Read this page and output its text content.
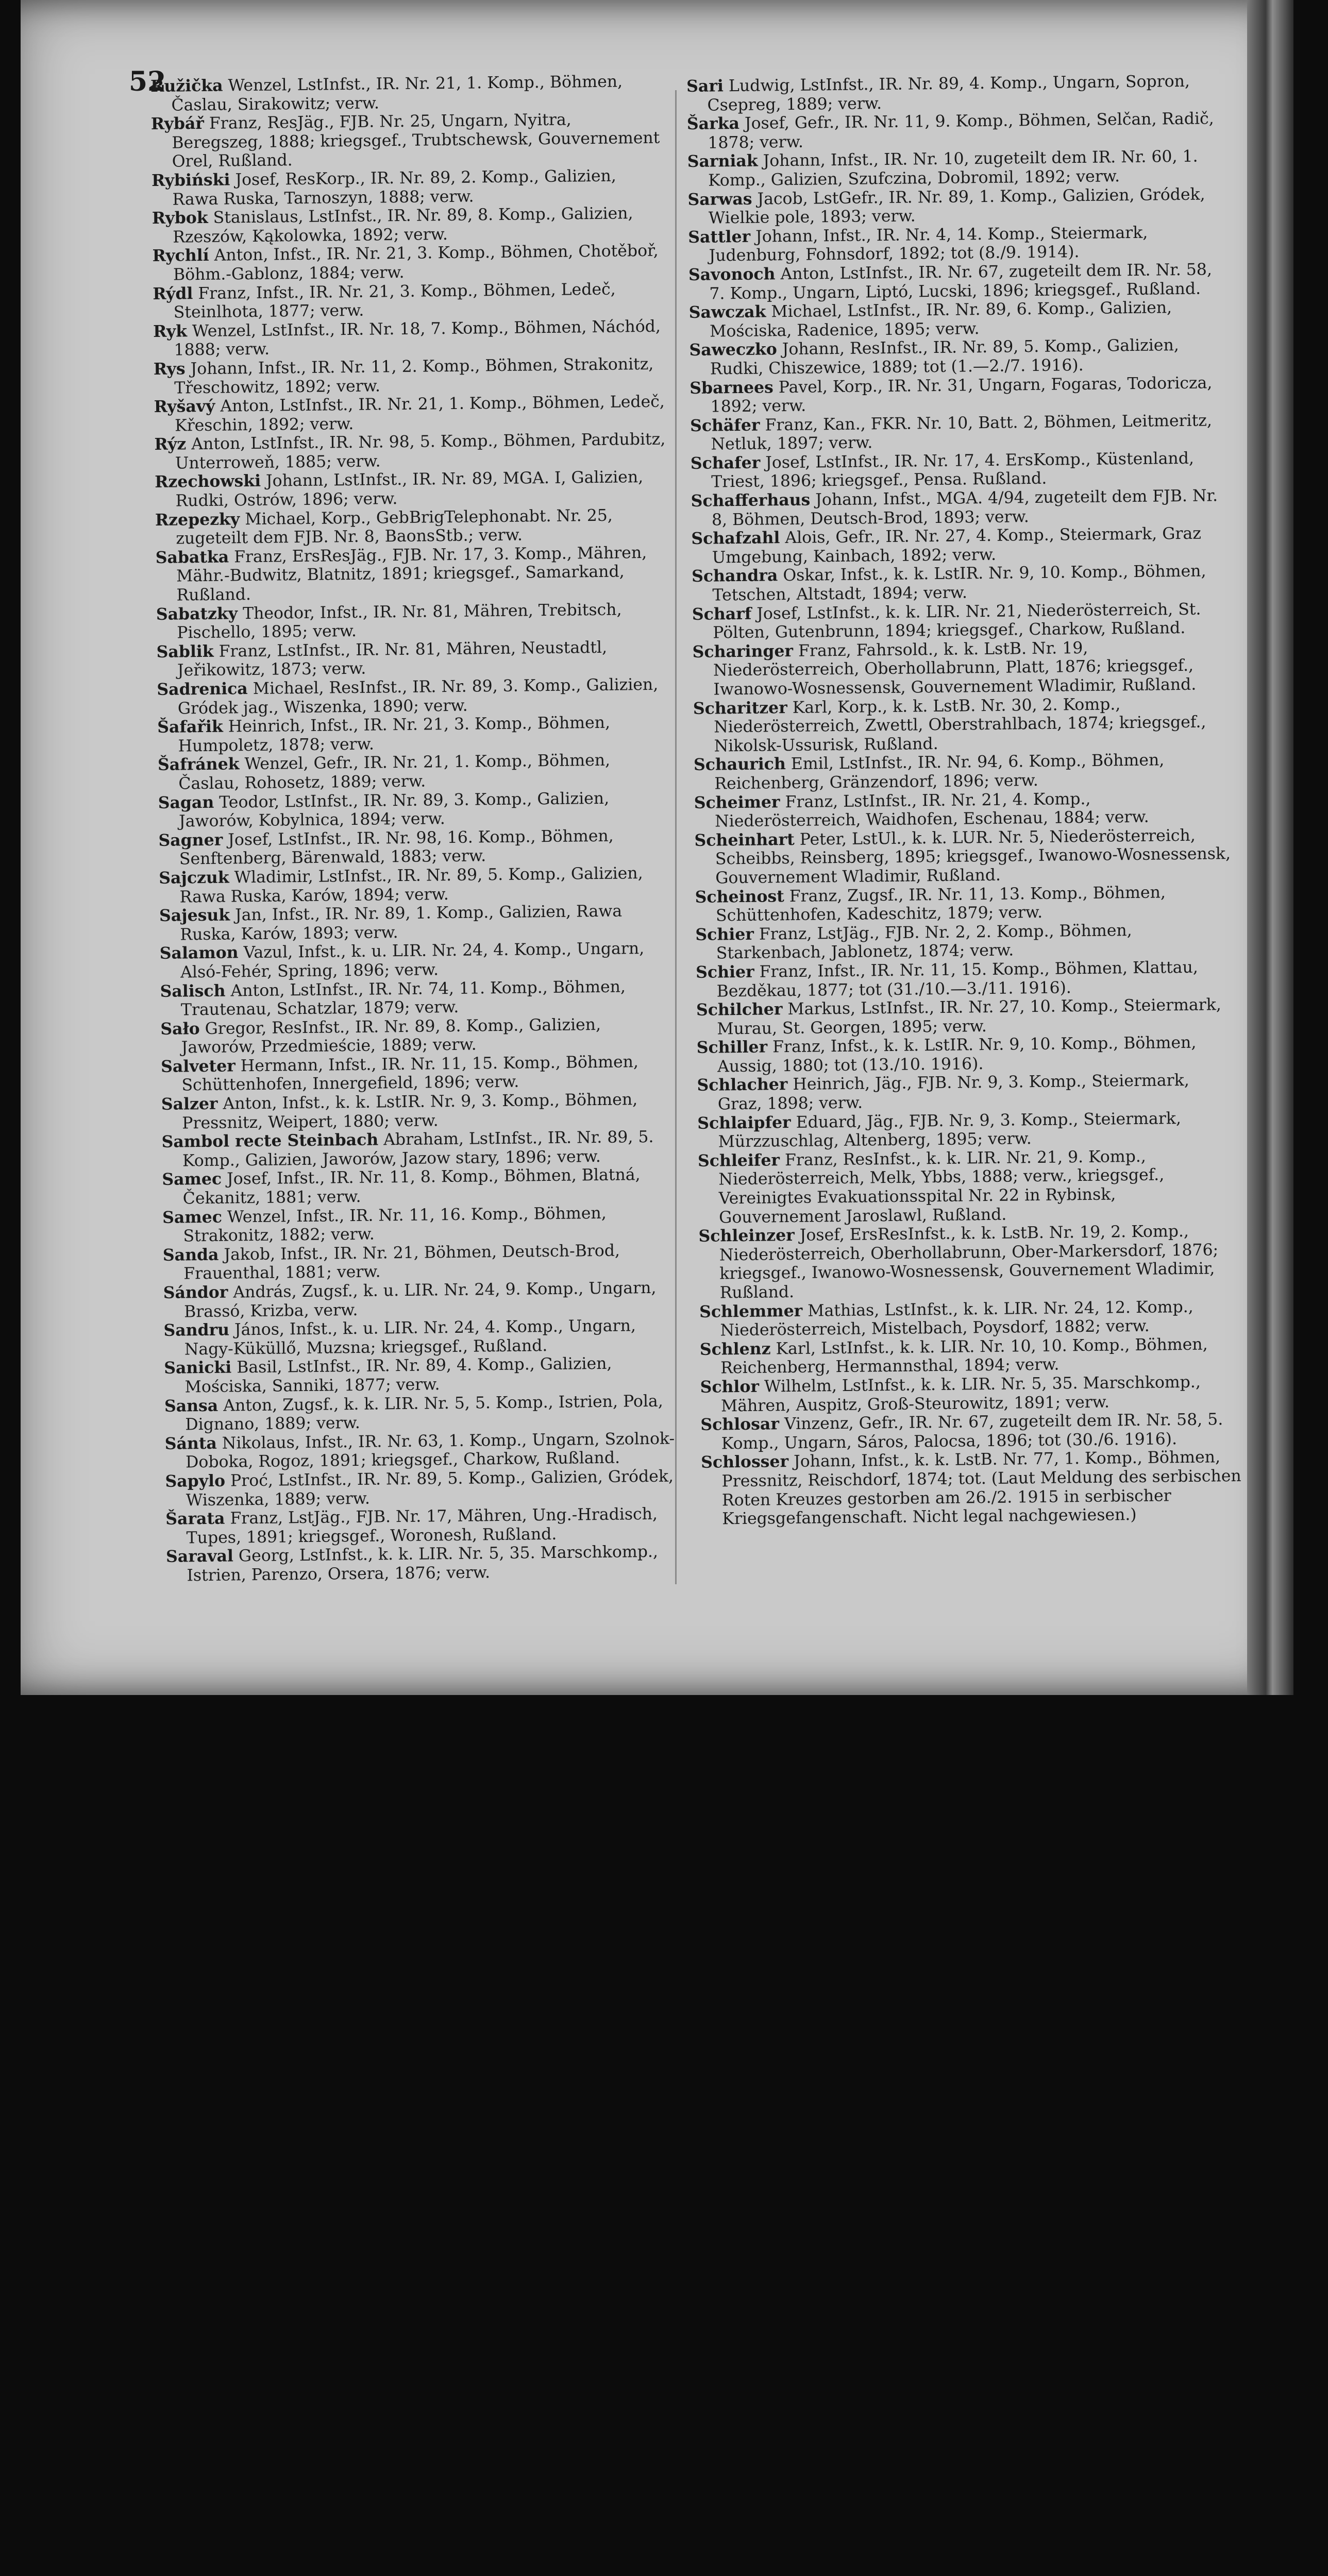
52

Ružička Wenzel, LstInfst., IR. Nr. 21, 1. Komp., Böhmen, Časlau, Sirakowitz; verw.

Rybář Franz, ResJäg., FJB. Nr. 25, Ungarn, Nyitra, Beregszeg, 1888; kriegsgef., Trubtschewsk, Gouvernement Orel, Rußland.

Rybiński Josef, ResKorp., IR. Nr. 89, 2. Komp., Galizien, Rawa Ruska, Tarnoszyn, 1888; verw.

Rybok Stanislaus, LstInfst., IR. Nr. 89, 8. Komp., Galizien, Rzeszów, Kąkolowka, 1892; verw.

Rychlí Anton, Infst., IR. Nr. 21, 3. Komp., Böhmen, Chotěboř, Böhm.-Gablonz, 1884; verw.

Rýdl Franz, Infst., IR. Nr. 21, 3. Komp., Böhmen, Ledeč, Steinlhota, 1877; verw.

Ryk Wenzel, LstInfst., IR. Nr. 18, 7. Komp., Böhmen, Náchód, 1888; verw.

Rys Johann, Infst., IR. Nr. 11, 2. Komp., Böhmen, Strakonitz, Třeschowitz, 1892; verw.

Ryšavý Anton, LstInfst., IR. Nr. 21, 1. Komp., Böhmen, Ledeč, Křeschin, 1892; verw.

Rýz Anton, LstInfst., IR. Nr. 98, 5. Komp., Böhmen, Pardubitz, Unterroweň, 1885; verw.

Rzechowski Johann, LstInfst., IR. Nr. 89, MGA. I, Galizien, Rudki, Ostrów, 1896; verw.

Rzepezky Michael, Korp., GebBrigTelephonabt. Nr. 25, zugeteilt dem FJB. Nr. 8, BaonsStb.; verw.

Sabatka Franz, ErsResJäg., FJB. Nr. 17, 3. Komp., Mähren, Mähr.-Budwitz, Blatnitz, 1891; kriegsgef., Samarkand, Rußland.

Sabatzky Theodor, Infst., IR. Nr. 81, Mähren, Trebitsch, Pischello, 1895; verw.

Sablik Franz, LstInfst., IR. Nr. 81, Mähren, Neustadtl, Jeřikowitz, 1873; verw.

Sadrenica Michael, ResInfst., IR. Nr. 89, 3. Komp., Galizien, Gródek jag., Wiszenka, 1890; verw.

Šafařik Heinrich, Infst., IR. Nr. 21, 3. Komp., Böhmen, Humpoletz, 1878; verw.

Šafránek Wenzel, Gefr., IR. Nr. 21, 1. Komp., Böhmen, Časlau, Rohosetz, 1889; verw.

Sagan Teodor, LstInfst., IR. Nr. 89, 3. Komp., Galizien, Jaworów, Kobylnica, 1894; verw.

Sagner Josef, LstInfst., IR. Nr. 98, 16. Komp., Böhmen, Senftenberg, Bärenwald, 1883; verw.

Sajczuk Wladimir, LstInfst., IR. Nr. 89, 5. Komp., Galizien, Rawa Ruska, Karów, 1894; verw.

Sajesuk Jan, Infst., IR. Nr. 89, 1. Komp., Galizien, Rawa Ruska, Karów, 1893; verw.

Salamon Vazul, Infst., k. u. LIR. Nr. 24, 4. Komp., Ungarn, Alsó-Fehér, Spring, 1896; verw.

Salisch Anton, LstInfst., IR. Nr. 74, 11. Komp., Böhmen, Trautenau, Schatzlar, 1879; verw.

Sało Gregor, ResInfst., IR. Nr. 89, 8. Komp., Galizien, Jaworów, Przedmieście, 1889; verw.

Salveter Hermann, Infst., IR. Nr. 11, 15. Komp., Böhmen, Schüttenhofen, Innergefield, 1896; verw.

Salzer Anton, Infst., k. k. LstIR. Nr. 9, 3. Komp., Böhmen, Pressnitz, Weipert, 1880; verw.

Sambol recte Steinbach Abraham, LstInfst., IR. Nr. 89, 5. Komp., Galizien, Jaworów, Jazow stary, 1896; verw.

Samec Josef, Infst., IR. Nr. 11, 8. Komp., Böhmen, Blatná, Čekanitz, 1881; verw.

Samec Wenzel, Infst., IR. Nr. 11, 16. Komp., Böhmen, Strakonitz, 1882; verw.

Sanda Jakob, Infst., IR. Nr. 21, Böhmen, Deutsch-Brod, Frauenthal, 1881; verw.

Sándor András, Zugsf., k. u. LIR. Nr. 24, 9. Komp., Ungarn, Brassó, Krizba, verw.

Sandru János, Infst., k. u. LIR. Nr. 24, 4. Komp., Ungarn, Nagy-Küküllő, Muzsna; kriegsgef., Rußland.

Sanicki Basil, LstInfst., IR. Nr. 89, 4. Komp., Galizien, Mościska, Sanniki, 1877; verw.

Sansa Anton, Zugsf., k. k. LIR. Nr. 5, 5. Komp., Istrien, Pola, Dignano, 1889; verw.

Sánta Nikolaus, Infst., IR. Nr. 63, 1. Komp., Ungarn, Szolnok-Doboka, Rogoz, 1891; kriegsgef., Charkow, Rußland.

Sapylo Proć, LstInfst., IR. Nr. 89, 5. Komp., Galizien, Gródek, Wiszenka, 1889; verw.

Šarata Franz, LstJäg., FJB. Nr. 17, Mähren, Ung.-Hradisch, Tupes, 1891; kriegsgef., Woronesh, Rußland.

Saraval Georg, LstInfst., k. k. LIR. Nr. 5, 35. Marschkomp., Istrien, Parenzo, Orsera, 1876; verw.

Sari Ludwig, LstInfst., IR. Nr. 89, 4. Komp., Ungarn, Sopron, Csepreg, 1889; verw.

Šarka Josef, Gefr., IR. Nr. 11, 9. Komp., Böhmen, Selčan, Radič, 1878; verw.

Sarniak Johann, Infst., IR. Nr. 10, zugeteilt dem IR. Nr. 60, 1. Komp., Galizien, Szufczina, Dobromil, 1892; verw.

Sarwas Jacob, LstGefr., IR. Nr. 89, 1. Komp., Galizien, Gródek, Wielkie pole, 1893; verw.

Sattler Johann, Infst., IR. Nr. 4, 14. Komp., Steiermark, Judenburg, Fohnsdorf, 1892; tot (8./9. 1914).

Savonoch Anton, LstInfst., IR. Nr. 67, zugeteilt dem IR. Nr. 58, 7. Komp., Ungarn, Liptó, Lucski, 1896; kriegsgef., Rußland.

Sawczak Michael, LstInfst., IR. Nr. 89, 6. Komp., Galizien, Mościska, Radenice, 1895; verw.

Saweczko Johann, ResInfst., IR. Nr. 89, 5. Komp., Galizien, Rudki, Chiszewice, 1889; tot (1.—2./7. 1916).

Sbarnees Pavel, Korp., IR. Nr. 31, Ungarn, Fogaras, Todoricza, 1892; verw.

Schäfer Franz, Kan., FKR. Nr. 10, Batt. 2, Böhmen, Leitmeritz, Netluk, 1897; verw.

Schafer Josef, LstInfst., IR. Nr. 17, 4. ErsKomp., Küstenland, Triest, 1896; kriegsgef., Pensa. Rußland.

Schafferhaus Johann, Infst., MGA. 4/94, zugeteilt dem FJB. Nr. 8, Böhmen, Deutsch-Brod, 1893; verw.

Schafzahl Alois, Gefr., IR. Nr. 27, 4. Komp., Steiermark, Graz Umgebung, Kainbach, 1892; verw.

Schandra Oskar, Infst., k. k. LstIR. Nr. 9, 10. Komp., Böhmen, Tetschen, Altstadt, 1894; verw.

Scharf Josef, LstInfst., k. k. LIR. Nr. 21, Niederösterreich, St. Pölten, Gutenbrunn, 1894; kriegsgef., Charkow, Rußland.

Scharinger Franz, Fahrsold., k. k. LstB. Nr. 19, Niederösterreich, Oberhollabrunn, Platt, 1876; kriegsgef., Iwanowo-Wosnessensk, Gouvernement Wladimir, Rußland.

Scharitzer Karl, Korp., k. k. LstB. Nr. 30, 2. Komp., Niederösterreich, Zwettl, Oberstrahlbach, 1874; kriegsgef., Nikolsk-Ussurisk, Rußland.

Schaurich Emil, LstInfst., IR. Nr. 94, 6. Komp., Böhmen, Reichenberg, Gränzendorf, 1896; verw.

Scheimer Franz, LstInfst., IR. Nr. 21, 4. Komp., Niederösterreich, Waidhofen, Eschenau, 1884; verw.

Scheinhart Peter, LstUl., k. k. LUR. Nr. 5, Niederösterreich, Scheibbs, Reinsberg, 1895; kriegsgef., Iwanowo-Wosnessensk, Gouvernement Wladimir, Rußland.

Scheinost Franz, Zugsf., IR. Nr. 11, 13. Komp., Böhmen, Schüttenhofen, Kadeschitz, 1879; verw.

Schier Franz, LstJäg., FJB. Nr. 2, 2. Komp., Böhmen, Starkenbach, Jablonetz, 1874; verw.

Schier Franz, Infst., IR. Nr. 11, 15. Komp., Böhmen, Klattau, Bezděkau, 1877; tot (31./10.—3./11. 1916).

Schilcher Markus, LstInfst., IR. Nr. 27, 10. Komp., Steiermark, Murau, St. Georgen, 1895; verw.

Schiller Franz, Infst., k. k. LstIR. Nr. 9, 10. Komp., Böhmen, Aussig, 1880; tot (13./10. 1916).

Schlacher Heinrich, Jäg., FJB. Nr. 9, 3. Komp., Steiermark, Graz, 1898; verw.

Schlaipfer Eduard, Jäg., FJB. Nr. 9, 3. Komp., Steiermark, Mürzzuschlag, Altenberg, 1895; verw.

Schleifer Franz, ResInfst., k. k. LIR. Nr. 21, 9. Komp., Niederösterreich, Melk, Ybbs, 1888; verw., kriegsgef., Vereinigtes Evakuationsspital Nr. 22 in Rybinsk, Gouvernement Jaroslawl, Rußland.

Schleinzer Josef, ErsResInfst., k. k. LstB. Nr. 19, 2. Komp., Niederösterreich, Oberhollabrunn, Ober-Markersdorf, 1876; kriegsgef., Iwanowo-Wosnessensk, Gouvernement Wladimir, Rußland.

Schlemmer Mathias, LstInfst., k. k. LIR. Nr. 24, 12. Komp., Niederösterreich, Mistelbach, Poysdorf, 1882; verw.

Schlenz Karl, LstInfst., k. k. LIR. Nr. 10, 10. Komp., Böhmen, Reichenberg, Hermannsthal, 1894; verw.

Schlor Wilhelm, LstInfst., k. k. LIR. Nr. 5, 35. Marschkomp., Mähren, Auspitz, Groß-Steurowitz, 1891; verw.

Schlosar Vinzenz, Gefr., IR. Nr. 67, zugeteilt dem IR. Nr. 58, 5. Komp., Ungarn, Sáros, Palocsa, 1896; tot (30./6. 1916).

Schlosser Johann, Infst., k. k. LstB. Nr. 77, 1. Komp., Böhmen, Pressnitz, Reischdorf, 1874; tot. (Laut Meldung des serbischen Roten Kreuzes gestorben am 26./2. 1915 in serbischer Kriegsgefangenschaft. Nicht legal nachgewiesen.)
